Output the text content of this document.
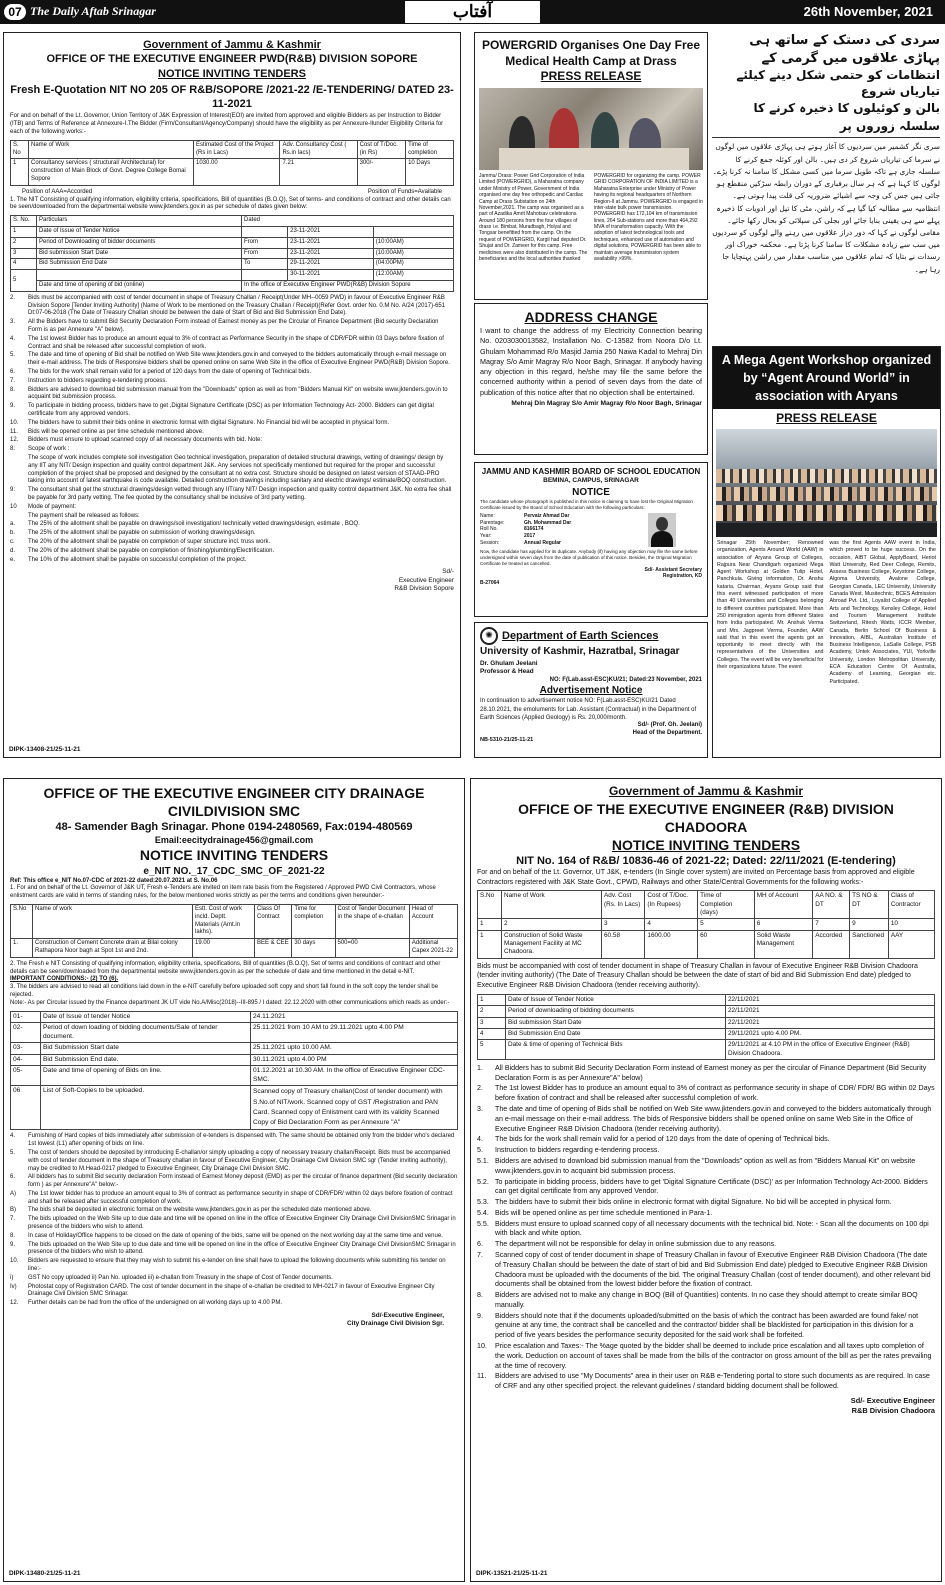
07 The Daily Aftab Srinagar	آفتاب	26th November, 2021
Government of Jammu & Kashmir
OFFICE OF THE EXECUTIVE ENGINEER PWD(R&B) DIVISION SOPORE
NOTICE INVITING TENDERS
Fresh E-Quotation NIT NO 205 OF R&B/SOPORE /2021-22 /E-TENDERING/ DATED 23-11-2021
For and on behalf of the Lt. Governor, Union Territory of J&K Expression of Interest(EOI) are invited from approved and eligible Bidders as per Instruction to Bidder (ITB) and Terms of Reference at Annexure-I.The Bidder (Firm/Consultant/Agency/Company) should have the eligibility as per Annexure-Ilunder Eligibility Criteria for each of the following works:-
S. No	Name of Work	Estimated Cost of the Project (Rs in Lacs)	Adv. Consultancy Cost ( Rs.in lacs)	Cost of T/Doc. (in Rs)	Time of completion
1	Consultancy services ( structural/ Architectural) for construction of Main Block of Govt. Degree College Bomai Sopore	1030.00	7.21	300/-	10 Days
Position of AAA=Accorded	Position of Funds=Available
1. The NIT Consisting of qualifying information, eligibility criteria, specifications, Bill of quantities (B.O.Q), Set of terms- and conditions of contract and other details can be seen/downloaded from the departmental website www.jktenders.gov.in as per schedule of dates given below:
S. No.	Particulars	Dated		
1	Date of Issue of Tender Notice		23-11-2021	
2	Period of Downloading of bidder documents	From	23-11-2021	(10:00AM)
3	Bid submission Start Date	From	23-11-2021	(10:00AM)
4	Bid Submission End Date	To	29-11-2021	(04:00PM)
5			30-11-2021	(12:00AM)
	Date and time of opening of bid (online)	In the office of Executive Engineer PWD(R&B) Division Sopore		
2.	Bids must be accompanied with cost of tender document in shape of Treasury Challan / Receipt(Under MH--0059 PWD) in favour of Executive Engineer R&B Division Sopore [Tender Inviting Authority] (Name of Work to be mentioned on the Treasury Challan / Receipt)(Refer Govt. order No. 0.M No. A/24 (2017)-651 Dt:07-06-2018 (The Date of Treasury Challan should be between the date of Start of Bid and Bid Submission End Date).
3.	All the Bidders have to submit Bid Security Declaration Form instead of Earnest money as per the Circular of Finance Department (Bid security Declaration Form is as per Annexure "A" below).
4.	The 1st lowest Bidder has to produce an amount equal to 3% of contract as Performance Security in the shape of CDR/FDR within 03 Days before fixation of Contract and shall be released after successful completion of work.
5.	The date and time of opening of Bid shall be notified on Web Site www.jktenders.gov.in and conveyed to the bidders automatically through e-mail message on their e-mail address. The bids of Responsive bidders shall be opened online on same Web Site in the office of Executive Engineer PWD(R&B) Division Sopore.
6.	The bids for the work shall remain valid for a period of 120 days from the date of opening of Technical bids.
7.	Instruction to bidders regarding e-tendering process.
8.	Bidders are advised to download bid submission manual from the "Downloads" option as well as from "Bidders Manual Kit" on website www.jktenders.gov.in to acquaint bid submission process.
9.	To participate in bidding process, bidders have to get ,Digital Signature Certificate (DSC) as per Information Technology Act- 2000. Bidders can get digital certificate from any approved vendors.
10.	The bidders have to submit their bids online in electronic format with digital Signature. No Financial bid will be accepted in physical form.
11.	Bids will be opened online as per time schedule mentioned above.
12.	Bidders must ensure to upload scanned copy of all necessary documents with bid. Note:
8:	Scope of work :
The scope of work includes complete soil investigation Geo technical investigation, preparation of detailed structural drawings, vetting of drawings/ design by any IIT any NIT/ Design inspection and quality control department J&K. Any services not specifically mentioned but required for the proper and successful completion of the project shall be proposed and designed by the consultant at no extra cost. Structure should be designed on latest version of STAAD-PRO taking into account of latest earthquake is code available. Detailed construction drawings including sanitary and electric drawings/ estimate/BOQ construction.
9:	The consultant shall get the structural drawings/design vetted through any IIT/any NIT/ Design inspection and quality control department J&K. No extra fee shall be payable for 3rd party vetting. The fee quoted by the consultancy shall be inclusive of 3rd party vetting.
10	Mode of payment:
The payment shall be released as follows:
a.	The 25% of the allotment shall be payable on drawings/soil investigation/ technically vetted drawings/design, estimate , BOQ.
b.	The 25% of the allotment shall be payable on submission of working drawings/design.
c.	The 20% of the allotment shall be payable on completion of super structure incl. truss work.
d.	The 20% of the allotment shall be payable on completion of finishing/plumbing/Electrification.
e.	The 10% of the allotment shall be payable on successful completion of the project.
Sd/-
Executive Engineer
R&B Division Sopore
DIPK-13408-21/25-11-21
POWERGRID Organises One Day Free Medical Health Camp at Drass
PRESS RELEASE
Jammu/ Drass: Power Grid Corporation of India Limited (POWERGRID), a Maharatna company under Ministry of Power, Government of India organised one day free orthopedic and Cardiac Camp at Drass Substation on 24th November,2021. The camp was organised as a part of Azadika Amrit Mahotsav celebrations. Around 180 persons from the four villages of drass i.e. Bimbat, Muradbagh, Holyal and Tongsar benefitted from the camp. On the request of POWERGRID, Kargil had deputed Dr. Shujat and Dr. Zameer for this camp. Free medicines were also distributed in the camp. The beneficiaries and the local authorities thanked
POWERGRID for organizing the camp. POWER GRID CORPORATION OF INDIA LIMITED is a Maharatna Enterprise under Ministry of Power having its regional headquarters of Northern Region-II at Jammu. POWERGRID is engaged in inter-state bulk power transmission. POWERGRID has 172,104 km of transmission lines, 264 Sub-stations and more than 464,292 MVA of transformation capacity. With the adoption of latest technological tools and techniques, enhanced use of automation and digital solutions, POWERGRID has been able to maintain average transmission system availability >99%.
سردی کی دستک کے ساتھ ہی پہاڑی علاقوں میں گرمی کے
انتظامات کو حتمی شکل دینے کیلئے تیاریاں شروع
بالن و کوئیلوں کا ذخیرہ کرنے کا سلسلہ زوروں پر
سری نگر کشمیر میں سردیوں کا آغاز ہوتے ہی پہاڑی علاقوں میں لوگوں نے سرما کی تیاریاں شروع کر دی ہیں۔ بالن اور کوئلہ جمع کرنے کا سلسلہ جاری ہے تاکہ طویل سرما میں کسی مشکل کا سامنا نہ کرنا پڑے۔ لوگوں کا کہنا ہے کہ ہر سال برفباری کے دوران رابطہ سڑکیں منقطع ہو جاتی ہیں جس کی وجہ سے اشیائے ضروریہ کی قلت پیدا ہوتی ہے۔ انتظامیہ سے مطالبہ کیا گیا ہے کہ راشن، مٹی کا تیل اور ادویات کا ذخیرہ پہلے سے ہی یقینی بنایا جائے اور بجلی کی سپلائی کو بحال رکھا جائے۔ مقامی لوگوں نے کہا کہ دور دراز علاقوں میں رہنے والے لوگوں کو سردیوں میں سب سے زیادہ مشکلات کا سامنا کرنا پڑتا ہے۔ محکمہ خوراک اور رسدات نے بتایا کہ تمام علاقوں میں مناسب مقدار میں راشن پہنچایا جا رہا ہے۔
ADDRESS CHANGE
I want to change the address of my Electricity Connection bearing No. 0203030013582, Installation No. C-13582 from Noora D/o Lt. Ghulam Mohammad R/o Masjid Jamia 250 Nawa Kadal to Mehraj Din Magray S/o Amir Magray R/o Noor Bagh, Srinagar. If anybody having any objection in this regard, he/she may file the same before the concerned authority within a period of seven days from the date of publication of this notice after that no objection shall be entertained.
Mehraj Din Magray S/o Amir Magray R/o Noor Bagh, Srinagar
JAMMU AND KASHMIR BOARD OF SCHOOL EDUCATION
BEMINA, CAMPUS, SRINAGAR
NOTICE
The candidate whose photograph is published in this notice is claiming to have lost the Original Migration Certificate issued by the Board of School Education with the following particulars:
Name:	Pervaiz Ahmad Dar
Parentage:	Gh. Mohammad Dar
Roll No.	8166174
Year:	2017
Session:	Annual Regular
Now, the candidate has applied for its duplicate. Anybody (if) having any objection may file the same before undersigned within seven days from the date of publication of this notice. Besides, the Original Migration Certificate be treated as cancelled.
Sd/- Assistant Secretary
Registration, KD
B-27064
✺ Department of Earth Sciences
University of Kashmir, Hazratbal, Srinagar
Dr. Ghulam Jeelani
Professor & Head
NO: F(Lab.asst-ESC)KU/21; Dated:23 November, 2021
Advertisement Notice
In continuation to advertisement notice NO: F(Lab.asst-ESC)KU/21 Dated 28.10.2021, the emoluments for Lab. Assistant (Contractual) in the Department of Earth Sciences (Applied Geology) is Rs. 20,000/month.
Sd/- (Prof. Gh. Jeelani)
Head of the Department.
NB-5310-21/25-11-21
A Mega Agent Workshop organized by “Agent Around World” in association with Aryans
PRESS RELEASE
Srinagar 25th November; Renowned organization, Agents Around World (AAW) in association of Aryans Group of Colleges, Rajpura Near Chandigarh organized Mega Agent Workshop at Golden Tulip Hotel, Panchkula. Giving information, Dr. Anshu kataria, Chairman, Aryans Group said that this event witnessed participation of more than 40 Universities and Colleges belonging to different countries participated. More than 250 immigration agents from different States from India participated. Mr. Anshuk Verma and Mrs. Jagpreet Verma, Founder, AAW said that in this event the agents got an opportunity to meet directly with the representatives of the Universities and Colleges. The event will be very beneficial for their organizations future. The event
was the first Agents AAW event in India, which proved to be huge success. On the occasion, AIBT Global, ApplyBoard, Heriot Watt University, Red Deer College, Remitx, Assess Business College, Keystone College, Algoma University, Avalone College, Georgian Canada, LEC University, University Canada West, Musitechnic, BCES Admission Abroad Pvt. Ltd., Loyalist College of Applied Arts and Technology, Kensley College, Hotel and Tourism Management Institute Switzerland, Ritesh Watts, ICCR Member, Canada, Berlin School Of Business & Innovation, AIBL, Australian Institute of Business Intelligence, LaSalle College, PSB Academy, Untek Associates, YUI, Yorkville University, London Metropolitan University, ECA Education Centre Of Australia, Academy of Learning, Georgian etc. Participated.
OFFICE OF THE EXECUTIVE ENGINEER CITY DRAINAGE CIVILDIVISION SMC
48- Samender Bagh Srinagar. Phone 0194-2480569, Fax:0194-480569
Email:eecitydrainage456@gmail.com
NOTICE INVITING TENDERS
e_NIT NO._17_CDC_SMC_OF_2021-22
Ref: This office e_NIT No.07-CDC of 2021-22 dated:20.07.2021 at S. No.06
1. For and on behalf of the Lt. Governor of J&K UT, Fresh e-Tenders are invited on item rate basis from the Registered / Approved PWD Civil Contractors, whose enlistment cards are valid in terms of standing rules, for the below mentioned works strictly as per the terms and conditions given hereunder:-
S.No	Name of work	Estt. Cost of work incld. Deptt. Materials (Amt.in lakhs).	Class Of Contract	Time for completion	Cost of Tender Document in the shape of e-challan	Head of Account
1.	Construction of Cement Concrete drain at Bilal colony Rathapora Noor bagh at Spot 1st and 2nd.	19.00	BEE & CEE	30 days	500=00	Additional Capex 2021-22
2. The Fresh e NIT Consisting of qualifying information, eligibility criteria, specifications, Bill of quantities (B.O.Q), Set of terms and conditions of contract and other details can be seen/downloaded from the departmental website www.jktenders.gov.in as per the schedule of date and time mentioned in the detail e-NIT.
IMPORTANT CONDITIONS:- (2) TO (6).
3. The bidders are advised to read all conditions laid down in the e-NIT carefully before uploaded soft copy and short fall found in the soft copy the tender shall be rejected.
Note:- As per Circular issued by the Finance department JK UT vide No.A/Misc(2018)--III-895 / I dated: 22.12.2020 with other communications which reads as under:-
01-	Date of Issue of tender Notice	24.11.2021
02-	Period of down loading of bidding documents/Sale of tender document.	25.11.2021 from 10 AM to 29.11.2021 upto 4.00 PM
03-	Bid Submission Start date	25.11.2021 upto 10.00 AM.
04-	Bid Submission End date.	30.11.2021 upto 4.00 PM
05-	Date and time of opening of Bids on line.	01.12.2021 at 10.30 AM. In the office of Executive Engineer CDC-SMC.
06	List of Soft-Copies to be uploaded.	Scanned copy of Treasury challan(Cost of tender document) with S.No.of NIT/work. Scanned copy of GST /Registration and PAN Card. Scanned copy of Enlistment card with its validity Scanned Copy of Bid Declaration Form as per Annexure "A"
4.	Furnishing of Hard copies of bids immediately after submission of e-tenders is dispensed with. The same should be obtained only from the bidder who's declared 1st lowest (L1) after opening of bids on line.
5.	The cost of tenders should be deposited by introducing E-challan/or simply uploading a copy of necessary treasury challan/Receipt. Bids must be accompanied with cost of tender document in the shape of Treasury challan in favour of Executive Engineer, City Drainage Civil Division SMC sgr (Tender inviting authority), may be credited to M.Head-0217 pledged to Executive Engineer, City Drainage Civil Division SMC.
6.	All bidders has to submit Bid security declaration Form instead of Earnest Money deposit (EMD) as per the circular of finance department (Bid security declaration form ) as per Annexure"A" below:-
A)	The 1st lower bidder has to produce an amount equal to 3% of contract as performance security in shape of CDR/FDR/ within 02 days before fixation of contract and shall be released after successful completion of work.
B)	The bids shall be deposited in electronic format on the website www.jktenders.gov.in as per the scheduled date mentioned above.
7.	The bids uploaded on the Web Site up to due date and time will be opened on line in the office of Executive Engineer City Drainage Civil DivisionSMC Srinagar in presence of the bidders who wish to attend.
8.	In case of Holiday/Office happens to be closed on the date of opening of the bids, same will be opened on the next working day at the same time and venue.
9.	The bids uploaded on the Web Site up to due date and time will be opened on line in the office of Executive Engineer City Drainage Civil DivisionSMC Srinagar in presence of the bidders who wish to attend.
10.	Bidders are requested to ensure that they may wish to submit his e-tender on line shall have to upload the following documents while submitting his tender on line:-
i)	GST No copy uploaded ii) Pan No. uploaded iii) e-challan from Treasury in the shape of Cost of Tender documents.
Iv)	Photostat copy of Registration CARD. The cost of tender document in the shape of e-challan be credited to MH-0217 in favour of Executive Engineer City Drainage Civil Division SMC Srinagar.
12.	Further details can be had from the office of the undersigned on all working days up to 4.00 PM.
Sd/-Executive Engineer,
City Drainage Civil Division Sgr.
DIPK-13480-21/25-11-21
Government of Jammu & Kashmir
OFFICE OF THE EXECUTIVE ENGINEER (R&B) DIVISION CHADOORA
NOTICE INVITING TENDERS
NIT No. 164 of R&B/ 10836-46 of 2021-22; Dated: 22/11/2021 (E-tendering)
For and on behalf of the Lt. Governor, UT J&K, e-tenders (In Single cover system) are invited on Percentage basis from approved and eligible Contractors registered with J&K State Govt., CPWD, Railways and other State/Central Governments for the following works:-
S.No	Name of Work	Adv. Cost (Rs. In Lacs)	Cost of T/Doc. (In Rupees)	Time of Completion (days)	MH of Account	AA NO. & DT	TS NO & DT	Class of Contractor
1	2	3	4	5	6	7	9	10
1	Construction of Solid Waste Management Facility at MC Chadoora.	60.58	1600.00	60	Solid Waste Management	Accorded	Sanctioned	AAY
Bids must be accompanied with cost of tender document in shape of Treasury Challan in favour of Executive Engineer R&B Division Chadoora (tender inviting authority) (The Date of Treasury Challan should be between the date of start of bid and Bid Submission End date) pledged to Executive Engineer R&B Division Chadoora (tender receiving authority).
1	Date of Issue of Tender Notice	22/11/2021
2	Period of downloading of bidding documents	22/11/2021
3	Bid submission Start Date	22/11/2021
4	Bid Submission End Date	29/11/2021 upto 4.00 PM.
5	Date & time of opening of Technical Bids	29/11/2021 at 4.10 PM in the office of Executive Engineer (R&B) Division Chadoora.
1.	All Bidders has to submit Bid Security Declaration Form instead of Earnest money as per the circular of Finance Department (Bid Security Declaration Form is as per Annexure"A" below)
2.	The 1st lowest Bidder has to produce an amount equal to 3% of contract as performance security in shape of CDR/ FDR/ BG within 02 Days before fixation of contract and shall be released after successful completion of work.
3.	The date and time of opening of Bids shall be notified on Web Site www.jktenders.gov.in and conveyed to the bidders automatically through an e-mail message on their e-mail address. The bids of Responsive bidders shall be opened online on same Web Site in the Office of Executive Engineer R&B Division Chadoora (tender receiving authority).
4.	The bids for the work shall remain valid for a period of 120 days from the date of opening of Technical bids.
5.	Instruction to bidders regarding e-tendering process.
5.1. Bidders are advised to download bid submission manual from the "Downloads" option as well as from "Bidders Manual Kit" on website www.jktenders.gov.in to acquaint bid submission process.
5.2. To participate in bidding process, bidders have to get 'Digital Signature Certificate (DSC)' as per Information Technology Act-2000. Bidders can get digital certificate from any approved Vendor.
5.3. The bidders have to submit their bids online in electronic format with digital Signature. No bid will be accepted in physical form.
5.4. Bids will be opened online as per time schedule mentioned in Para-1.
5.5. Bidders must ensure to upload scanned copy of all necessary documents with the technical bid. Note: - Scan all the documents on 100 dpi with black and white option.
6.	The department will not be responsible for delay in online submission due to any reasons.
7.	Scanned copy of cost of tender document in shape of Treasury Challan in favour of Executive Engineer R&B Division Chadoora (The date of Treasury Challan should be between the date of start of bid and Bid Submission End date) pledged to Executive Engineer R&B Division Chadoora must be uploaded with the documents of the bid. The original Treasury Challan (cost of tender document), and other relevant bid documents shall be obtained from the lowest bidder before the fixation of contract.
8.	Bidders are advised not to make any change in BOQ (Bill of Quantities) contents. In no case they should attempt to create similar BOQ manually.
9.	Bidders should note that if the documents uploaded/submitted on the basis of which the contract has been awarded are found fake/ not genuine at any time, the contract shall be cancelled and the contractor/ bidder shall be blacklisted for participation in this division for a period of five years besides the performance security deposited for the said work shall be forfeited.
10.	Price escalation and Taxes:- The %age quoted by the bidder shall be deemed to include price escalation and all taxes upto completion of the work. Deduction on account of taxes shall be made from the bills of the contractor on gross amount of the bill as per the rates prevailing at the time of recovery.
11.	Bidders are advised to use "My Documents" area in their user on R&B e-Tendering portal to store such documents as are required. In case of CRF and any other specified project. the relevant guidelines / standard bidding document shall be followed.
Sd/- Executive Engineer
R&B Division Chadoora
DIPK-13521-21/25-11-21
